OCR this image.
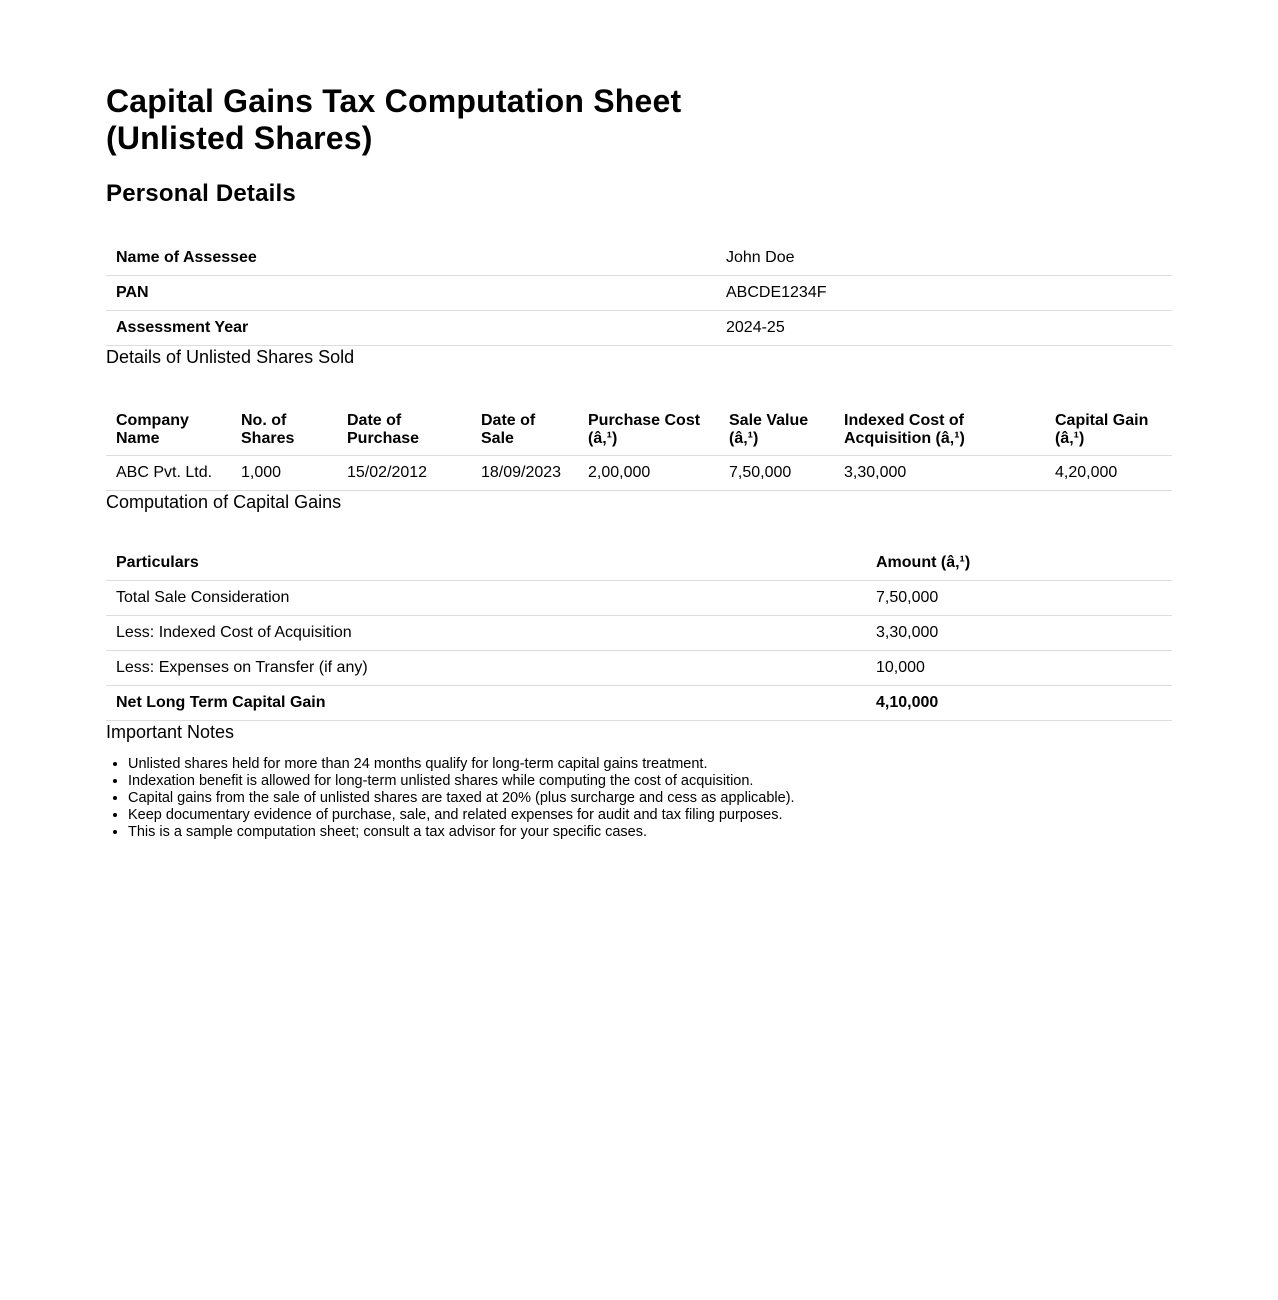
Capital Gains Tax Computation Sheet (Unlisted Shares)
Personal Details
Name of Assessee	John Doe
PAN	ABCDE1234F
Assessment Year	2024-25
Details of Unlisted Shares Sold
Company Name	No. of Shares	Date of Purchase	Date of Sale	Purchase Cost (â‚¹)	Sale Value (â‚¹)	Indexed Cost of Acquisition (â‚¹)	Capital Gain (â‚¹)
ABC Pvt. Ltd.	1,000	15/02/2012	18/09/2023	2,00,000	7,50,000	3,30,000	4,20,000
Computation of Capital Gains
Particulars	Amount (â‚¹)
Total Sale Consideration	7,50,000
Less: Indexed Cost of Acquisition	3,30,000
Less: Expenses on Transfer (if any)	10,000
Net Long Term Capital Gain	4,10,000
Important Notes
• Unlisted shares held for more than 24 months qualify for long-term capital gains treatment.
• Indexation benefit is allowed for long-term unlisted shares while computing the cost of acquisition.
• Capital gains from the sale of unlisted shares are taxed at 20% (plus surcharge and cess as applicable).
• Keep documentary evidence of purchase, sale, and related expenses for audit and tax filing purposes.
• This is a sample computation sheet; consult a tax advisor for your specific cases.
